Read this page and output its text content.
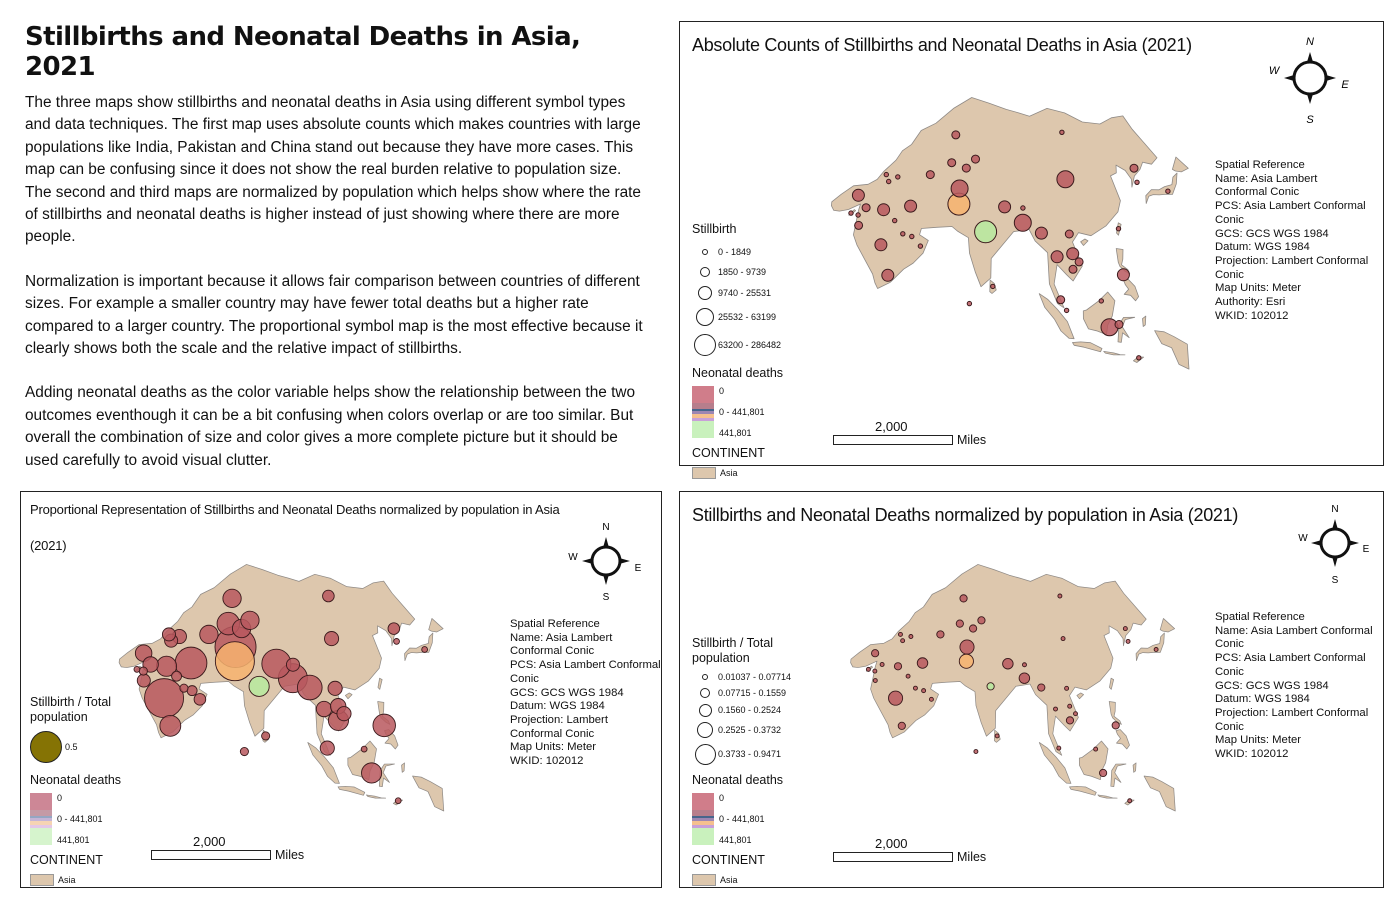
Stillbirths and Neonatal Deaths in Asia, 2021

The three maps show stillbirths and neonatal deaths in Asia using different symbol types and data techniques. The first map uses absolute counts which makes countries with large populations like India, Pakistan and China stand out because they have more cases. This map can be confusing since it does not show the real burden relative to population size. The second and third maps are normalized by population which helps show where the rate of stillbirths and neonatal deaths is higher instead of just showing where there are more people.

Normalization is important because it allows fair comparison between countries of different sizes. For example a smaller country may have fewer total deaths but a higher rate compared to a larger country. The proportional symbol map is the most effective because it clearly shows both the scale and the relative impact of stillbirths.

Adding neonatal deaths as the color variable helps show the relationship between the two outcomes eventhough it can be a bit confusing when colors overlap or are too similar. But overall the combination of size and color gives a more complete picture but it should be used carefully to avoid visual clutter.

Absolute Counts of Stillbirths and Neonatal Deaths in Asia (2021)	N
S
E
W
Stillbirth
0 - 1849
1850 - 9739
9740 - 25531
25532 - 63199
63200 - 286482
Neonatal deaths
0
0 - 441,801
441,801
CONTINENT
Asia
Spatial Reference
Name: Asia Lambert
Conformal Conic
PCS: Asia Lambert Conformal
Conic
GCS: GCS WGS 1984
Datum: WGS 1984
Projection: Lambert Conformal
Conic
Map Units: Meter
Authority: Esri
WKID: 102012
2,000
Miles
Proportional Representation of Stillbirths and Neonatal Deaths normalized by population in Asia
(2021)
N
S
E
W
Stillbirth / Total
population
0.5
Neonatal deaths
0
0 - 441,801
441,801
CONTINENT
Asia
Spatial Reference
Name: Asia Lambert
Conformal Conic
PCS: Asia Lambert Conformal
Conic
GCS: GCS WGS 1984
Datum: WGS 1984
Projection: Lambert
Conformal Conic
Map Units: Meter
WKID: 102012
2,000
Miles
Stillbirths and Neonatal Deaths normalized by population in Asia (2021)	N
S
E
W
Stillbirth / Total
population
0.01037 - 0.07714
0.07715 - 0.1559
0.1560 - 0.2524
0.2525 - 0.3732
0.3733 - 0.9471
Neonatal deaths
0
0 - 441,801
441,801
CONTINENT
Asia
Spatial Reference
Name: Asia Lambert Conformal
Conic
PCS: Asia Lambert Conformal
Conic
GCS: GCS WGS 1984
Datum: WGS 1984
Projection: Lambert Conformal
Conic
Map Units: Meter
WKID: 102012
2,000
Miles
